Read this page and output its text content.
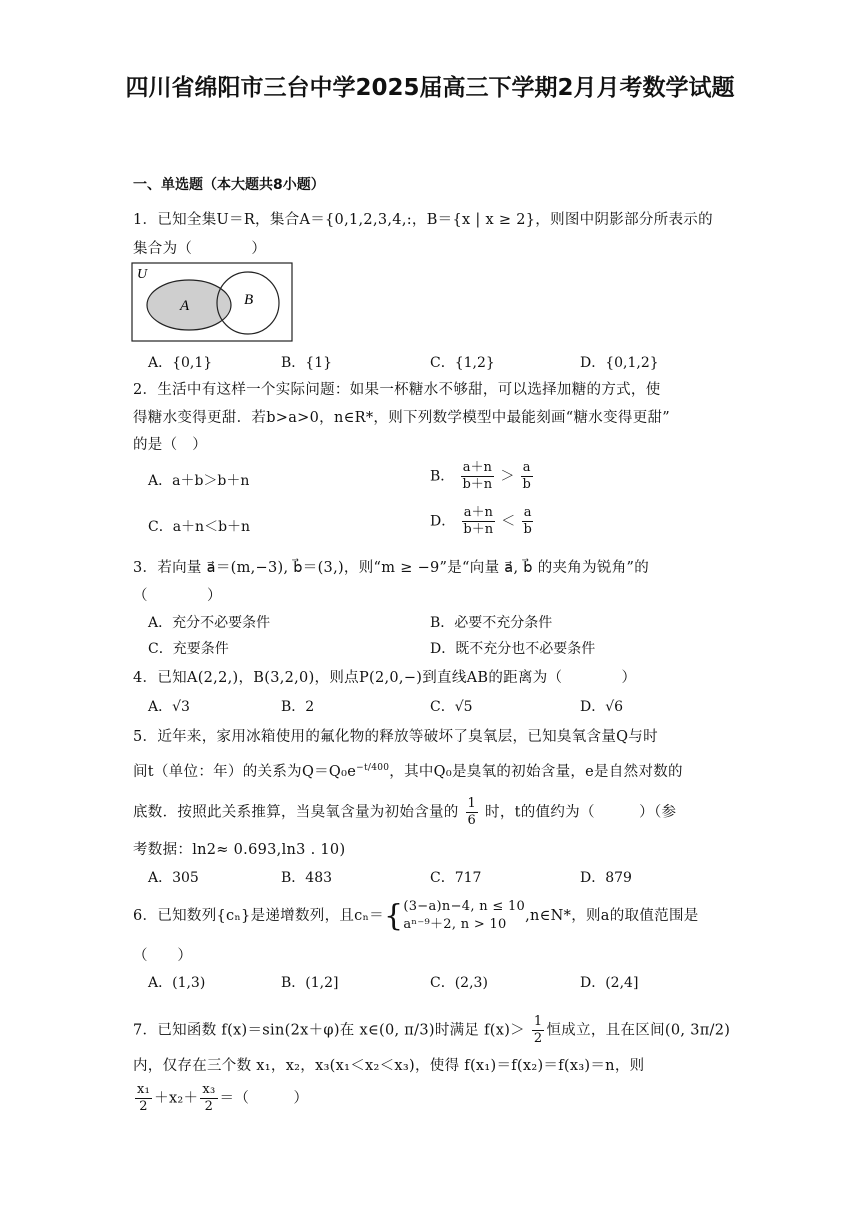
四川省绵阳市三台中学2025届高三下学期2月月考数学试题
一、单选题（本大题共8小题）
1．已知全集U＝R，集合A＝{0,1,2,3,4,:，B＝{x | x ≥ 2}，则图中阴影部分所表示的
集合为（　　　　）
U
A	B
A．{0,1}	B．{1}	C．{1,2}	D．{0,1,2}
2．生活中有这样一个实际问题：如果一杯糖水不够甜，可以选择加糖的方式，使
得糖水变得更甜．若b>a>0，n∈R*，则下列数学模型中最能刻画“糖水变得更甜”
的是（　）
A．a＋b＞b＋n	B． $\frac{a+n}{b+n} > \frac{a}{b}$
C．a＋n＜b＋n	D． $\frac{a+n}{b+n} < \frac{a}{b}$
3．若向量 a⃗＝(m,−3), b⃗＝(3,)，则“m ≥ −9”是“向量 a⃗, b⃗ 的夹角为锐角”的
（　　　　）
A．充分不必要条件	B．必要不充分条件
C．充要条件	D．既不充分也不必要条件
4．已知A(2,2,)，B(3,2,0)，则点P(2,0,−)到直线AB的距离为（　　　　）
A．√3	B．2	C．√5	D．√6
5．近年来，家用冰箱使用的氟化物的释放等破坏了臭氧层，已知臭氧含量Q与时
间t（单位：年）的关系为$Q=Q_0e^{-t/400}$，其中Q₀是臭氧的初始含量，e是自然对数的
底数．按照此关系推算，当臭氧含量为初始含量的 $\frac{1}{6}$ 时，t的值约为（　　　）（参
考数据：ln2≈ 0.693,ln3 . 10)
A．305	B．483	C．717	D．879
6．已知数列{cₙ}是递增数列，且cₙ＝{ (3−a)n−4, n ≤ 10
aⁿ⁻⁹＋2, n > 10
,n∈N*，则a的取值范围是
（　　）
A．(1,3)	B．(1,2]	C．(2,3)	D．(2,4]
7．已知函数 f(x)＝sin(2x＋φ)在 x∈(0, π/3)时满足 $f(x)> \frac{1}{2}$ 恒成立，且在区间(0, 3π/2)
内，仅存在三个数 x₁，x₂，x₃(x₁＜x₂＜x₃)，使得 f(x₁)＝f(x₂)＝f(x₃)＝n，则
$\frac{\text{x₁}}{2} +x_2+ \frac{\text{x₃}}{2}$ ＝（　　　）
